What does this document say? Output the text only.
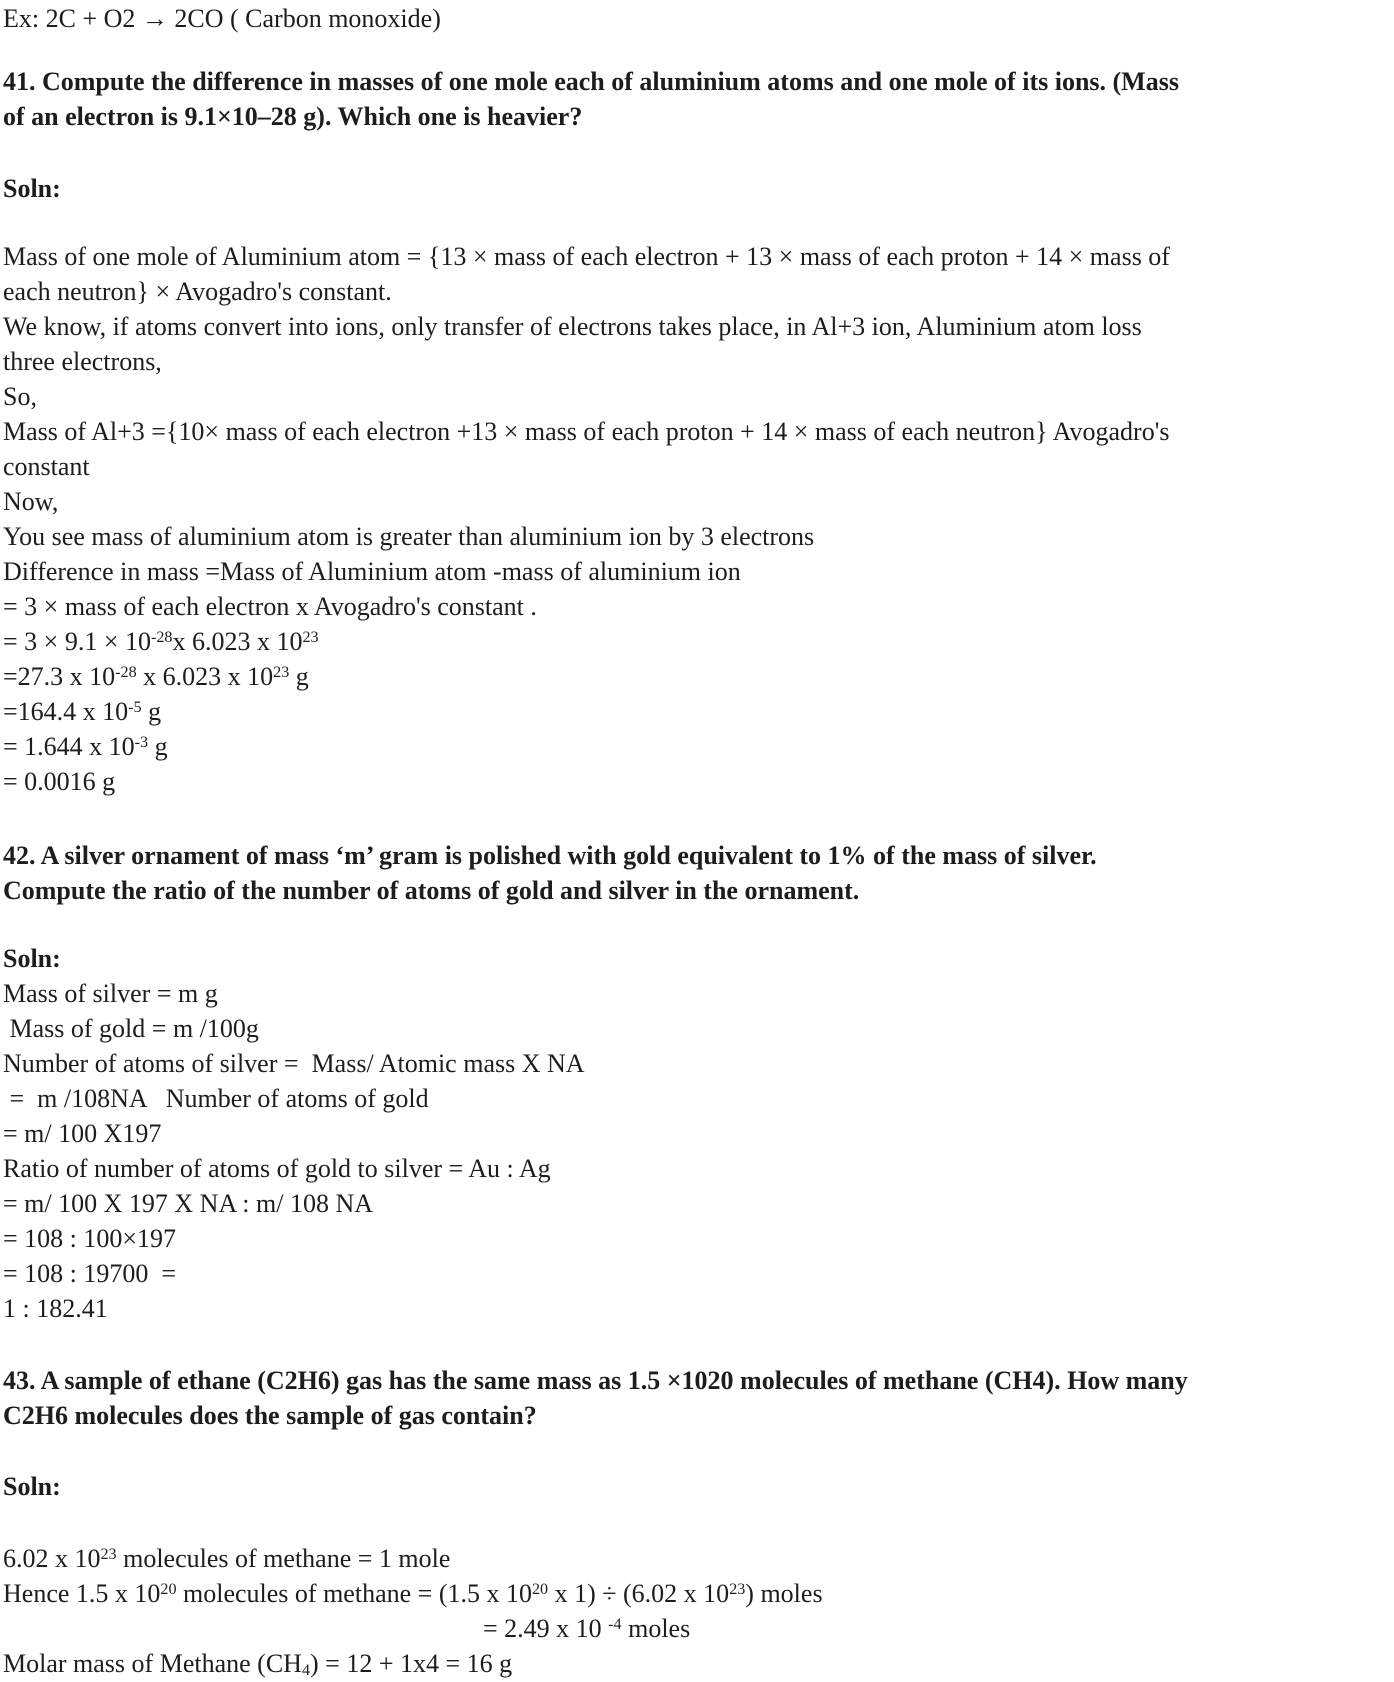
Ex: 2C + O2 → 2CO ( Carbon monoxide)
41. Compute the difference in masses of one mole each of aluminium atoms and one mole of its ions. (Mass
of an electron is 9.1×10–28 g). Which one is heavier?
Soln:
Mass of one mole of Aluminium atom = {13 × mass of each electron + 13 × mass of each proton + 14 × mass of
each neutron} × Avogadro's constant.
We know, if atoms convert into ions, only transfer of electrons takes place, in Al+3 ion, Aluminium atom loss
three electrons,
So,
Mass of Al+3 ={10× mass of each electron +13 × mass of each proton + 14 × mass of each neutron} Avogadro's
constant
Now,
You see mass of aluminium atom is greater than aluminium ion by 3 electrons
Difference in mass =Mass of Aluminium atom -mass of aluminium ion
= 3 × mass of each electron x Avogadro's constant .
= $3 \times 9.1 \times 10^{-28}x$ 6.023 x $10^{23}$
=27.3 x $10^{-28}$ x 6.023 x $10^{23}$ g
=164.4 x $10^{-5}$ g
= 1.644 x $10^{-3}$ g
= 0.0016 g
42. A silver ornament of mass ‘m’ gram is polished with gold equivalent to 1% of the mass of silver.
Compute the ratio of the number of atoms of gold and silver in the ornament.
Soln:
Mass of silver = m g
Mass of gold = m /100g
Number of atoms of silver =  Mass/ Atomic mass X NA
=  m /108NA   Number of atoms of gold
= m/ 100 X197
Ratio of number of atoms of gold to silver = Au : Ag
= m/ 100 X 197 X NA : m/ 108 NA
= 108 : 100×197
= 108 : 19700  =
1 : 182.41
43. A sample of ethane (C2H6) gas has the same mass as 1.5 ×1020 molecules of methane (CH4). How many
C2H6 molecules does the sample of gas contain?
Soln:
6.02 x $10^{23}$ molecules of methane = 1 mole
Hence 1.5 x $10^{20}$ molecules of methane = (1.5 x $10^{20}$ x 1) ÷ (6.02 x $10^{23}$) moles
= 2.49 x 10 $^{-4}$ moles
Molar mass of Methane $(CH_4) = 12 + 1x4 = 16$ g
